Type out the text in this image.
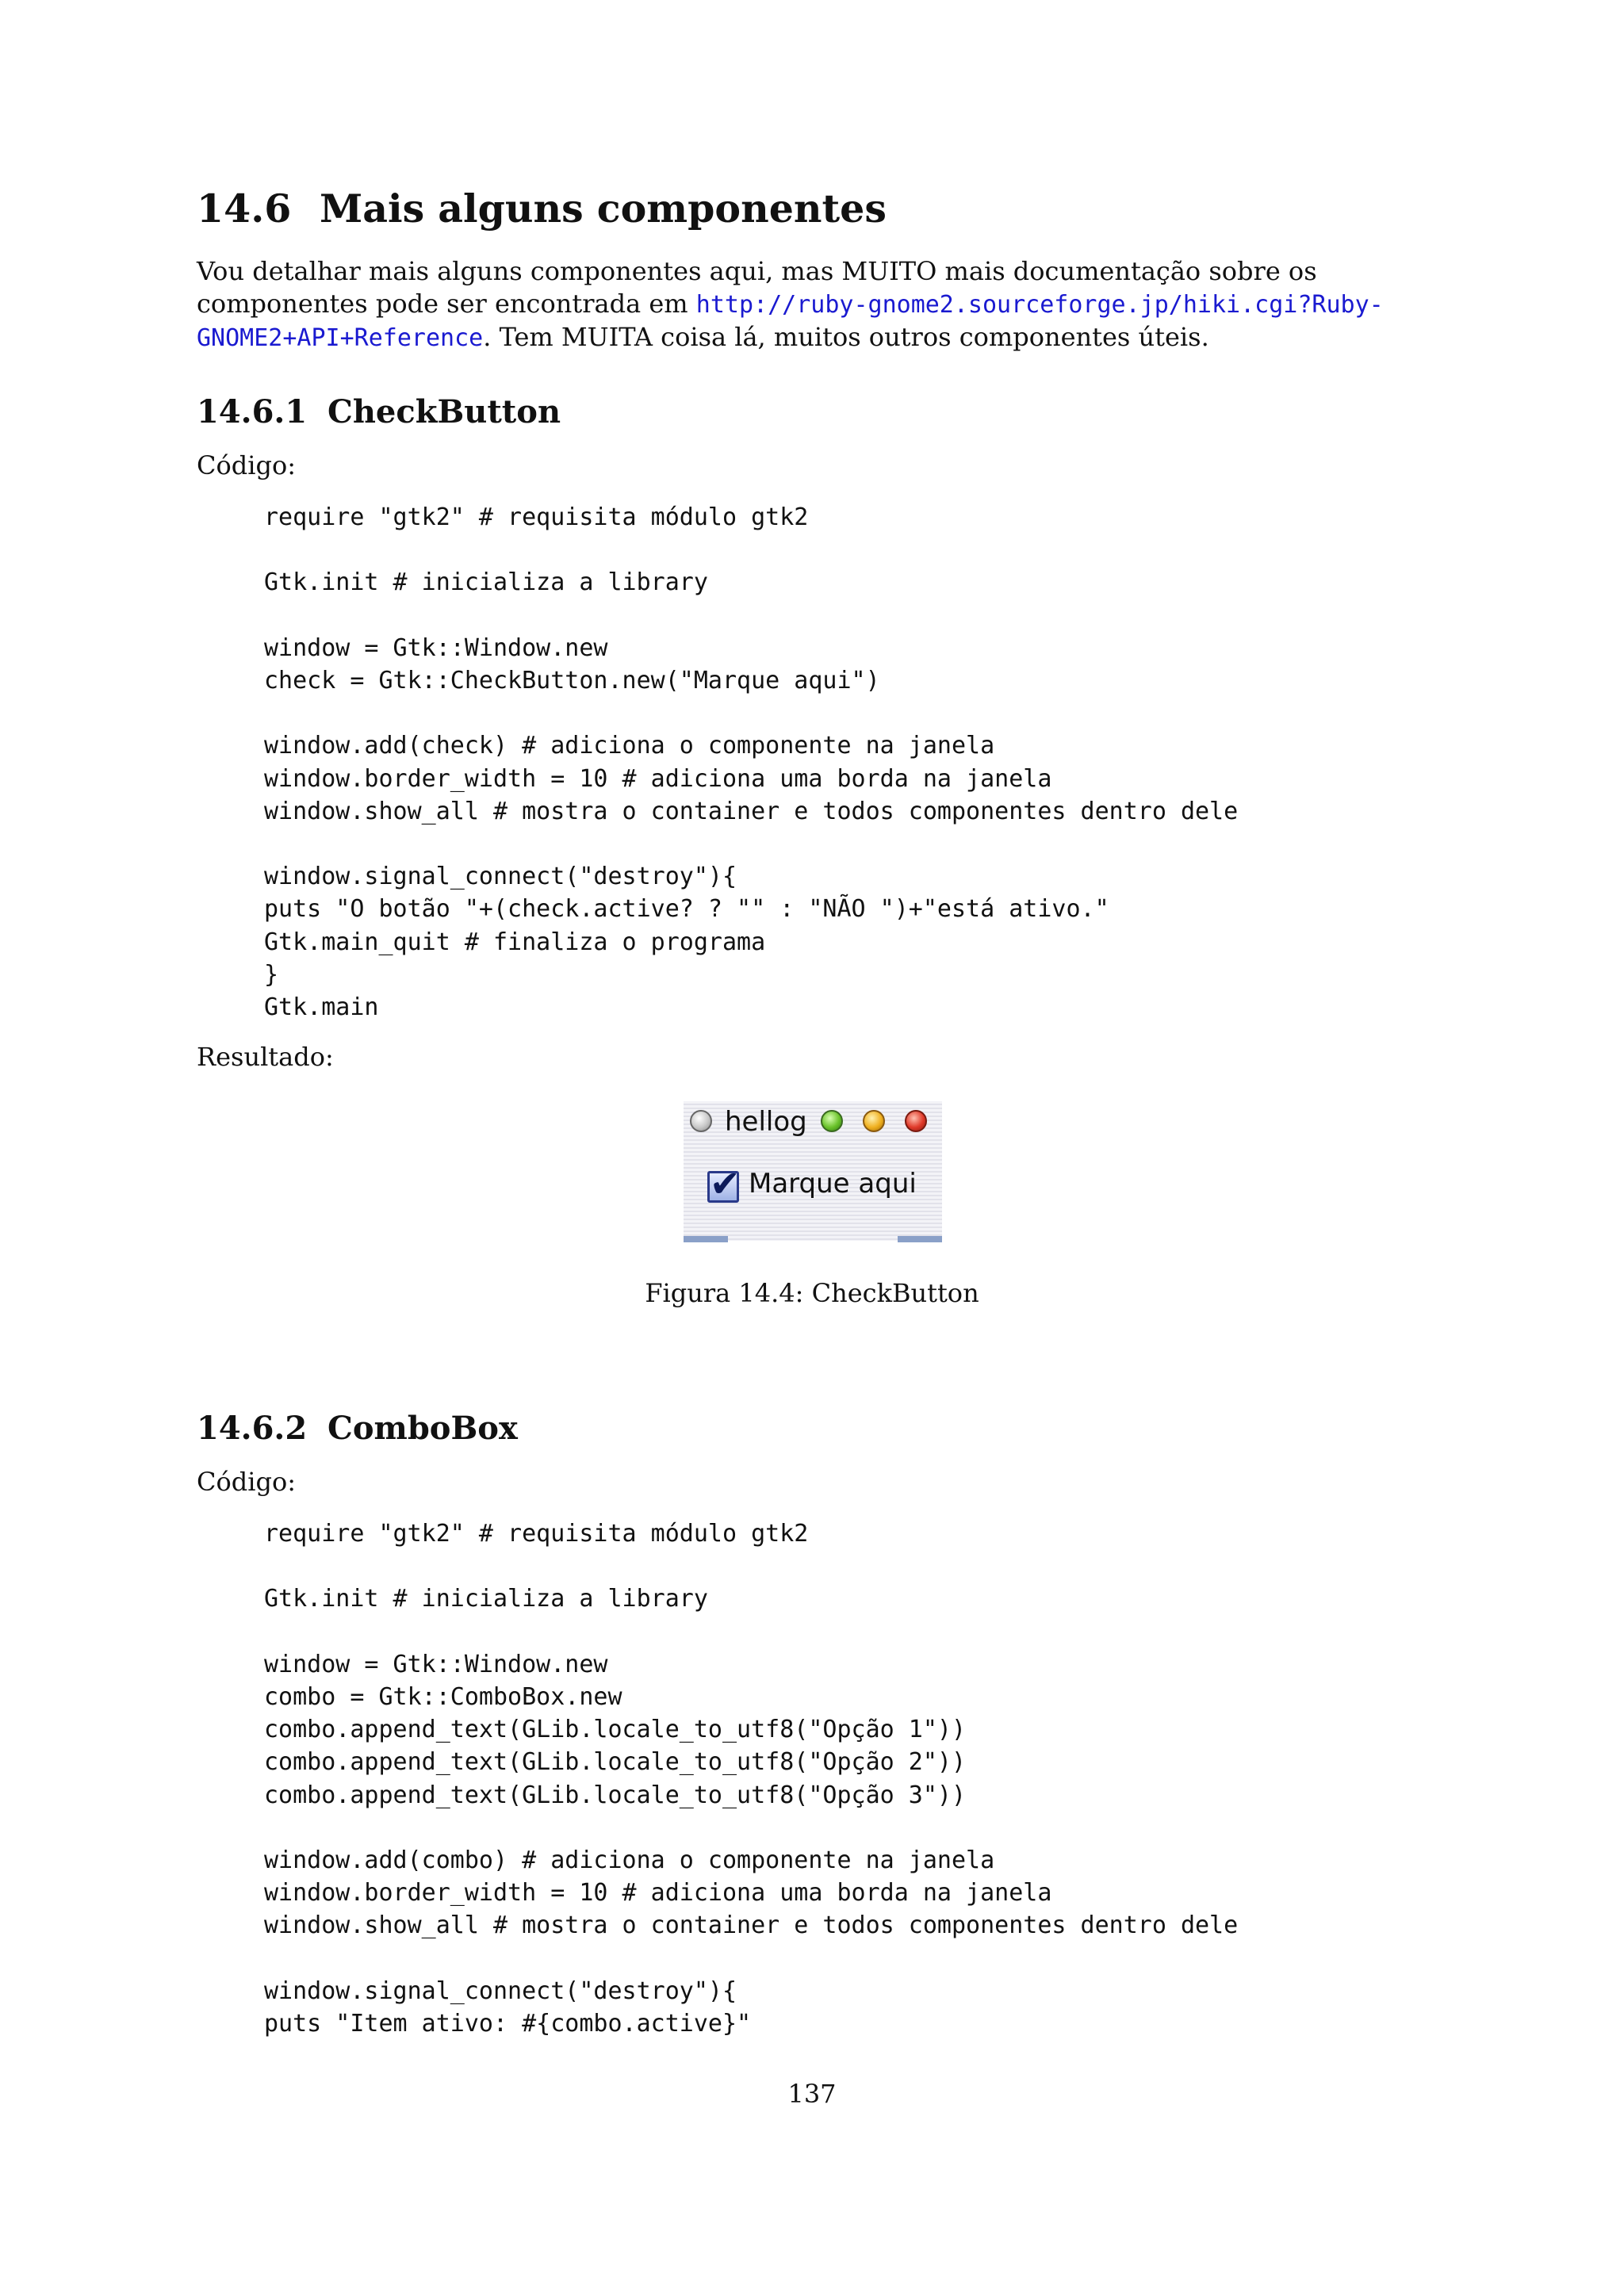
14.6 Mais alguns componentes

Vou detalhar mais alguns componentes aqui, mas MUITO mais documentação sobre os componentes pode ser encontrada em http://ruby-gnome2.sourceforge.jp/hiki.cgi?Ruby-GNOME2+API+Reference. Tem MUITA coisa lá, muitos outros componentes úteis.

14.6.1 CheckButton

Código:

require "gtk2" # requisita módulo gtk2

Gtk.init # inicializa a library

window = Gtk::Window.new
check = Gtk::CheckButton.new("Marque aqui")

window.add(check) # adiciona o componente na janela
window.border_width = 10 # adiciona uma borda na janela
window.show_all # mostra o container e todos componentes dentro dele

window.signal_connect("destroy"){
puts "O botão "+(check.active? ? "" : "NÃO ")+"está ativo."
Gtk.main_quit # finaliza o programa
}
Gtk.main

Resultado:

Figura 14.4: CheckButton

14.6.2 ComboBox

Código:

require "gtk2" # requisita módulo gtk2

Gtk.init # inicializa a library

window = Gtk::Window.new
combo = Gtk::ComboBox.new
combo.append_text(GLib.locale_to_utf8("Opção 1"))
combo.append_text(GLib.locale_to_utf8("Opção 2"))
combo.append_text(GLib.locale_to_utf8("Opção 3"))

window.add(combo) # adiciona o componente na janela
window.border_width = 10 # adiciona uma borda na janela
window.show_all # mostra o container e todos componentes dentro dele

window.signal_connect("destroy"){
puts "Item ativo: #{combo.active}"

137

hellog
✔ Marque aqui
